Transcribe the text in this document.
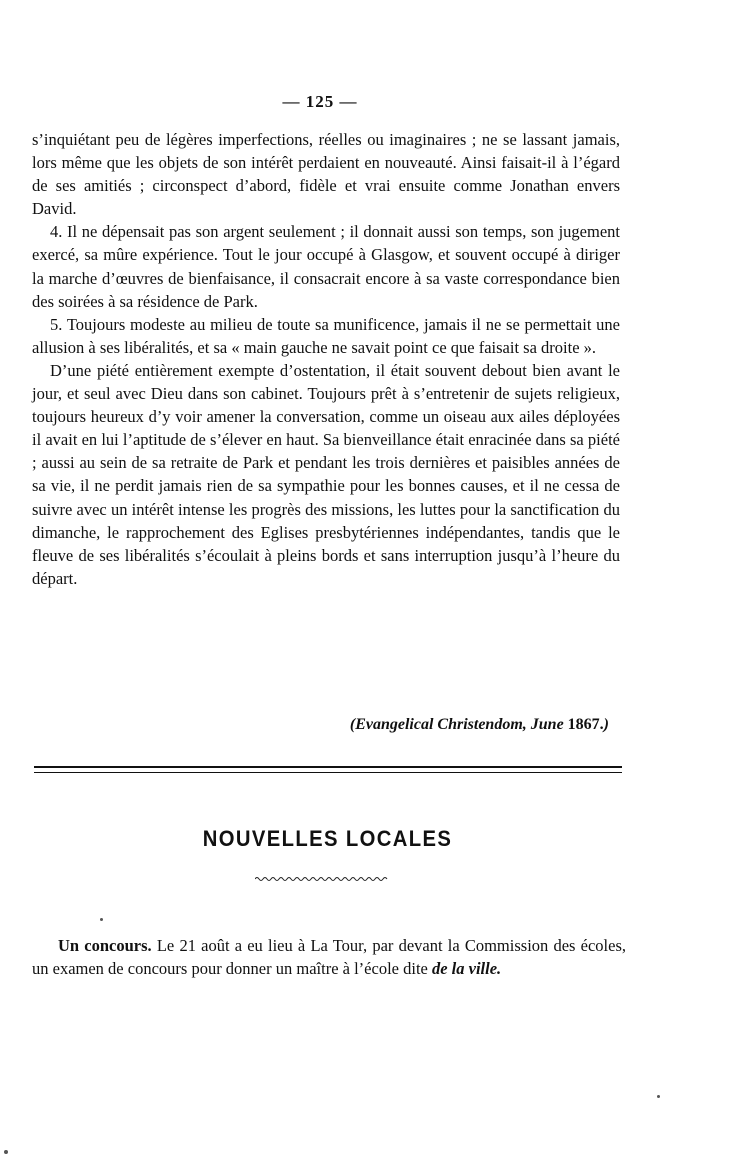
— 125 —

s’inquiétant peu de légères imperfections, réelles ou imaginaires ; ne se lassant jamais, lors même que les objets de son intérêt perdaient en nouveauté. Ainsi faisait-il à l’égard de ses amitiés ; circonspect d’abord, fidèle et vrai ensuite comme Jonathan envers David.

4. Il ne dépensait pas son argent seulement ; il donnait aussi son temps, son jugement exercé, sa mûre expérience. Tout le jour occupé à Glasgow, et souvent occupé à diriger la marche d’œuvres de bienfaisance, il consacrait encore à sa vaste correspondance bien des soirées à sa résidence de Park.

5. Toujours modeste au milieu de toute sa munificence, jamais il ne se permettait une allusion à ses libéralités, et sa « main gauche ne savait point ce que faisait sa droite ».

D’une piété entièrement exempte d’ostentation, il était souvent debout bien avant le jour, et seul avec Dieu dans son cabinet. Toujours prêt à s’entretenir de sujets religieux, toujours heureux d’y voir amener la conversation, comme un oiseau aux ailes déployées il avait en lui l’aptitude de s’élever en haut. Sa bienveillance était enracinée dans sa piété ; aussi au sein de sa retraite de Park et pendant les trois dernières et paisibles années de sa vie, il ne perdit jamais rien de sa sympathie pour les bonnes causes, et il ne cessa de suivre avec un intérêt intense les progrès des missions, les luttes pour la sanctification du dimanche, le rapprochement des Eglises presbytériennes indépendantes, tandis que le fleuve de ses libéralités s’écoulait à pleins bords et sans interruption jusqu’à l’heure du départ.

(Evangelical Christendom, June 1867.)
NOUVELLES LOCALES

Un concours. Le 21 août a eu lieu à La Tour, par devant la Commission des écoles, un examen de concours pour donner un maître à l’école dite de la ville.
